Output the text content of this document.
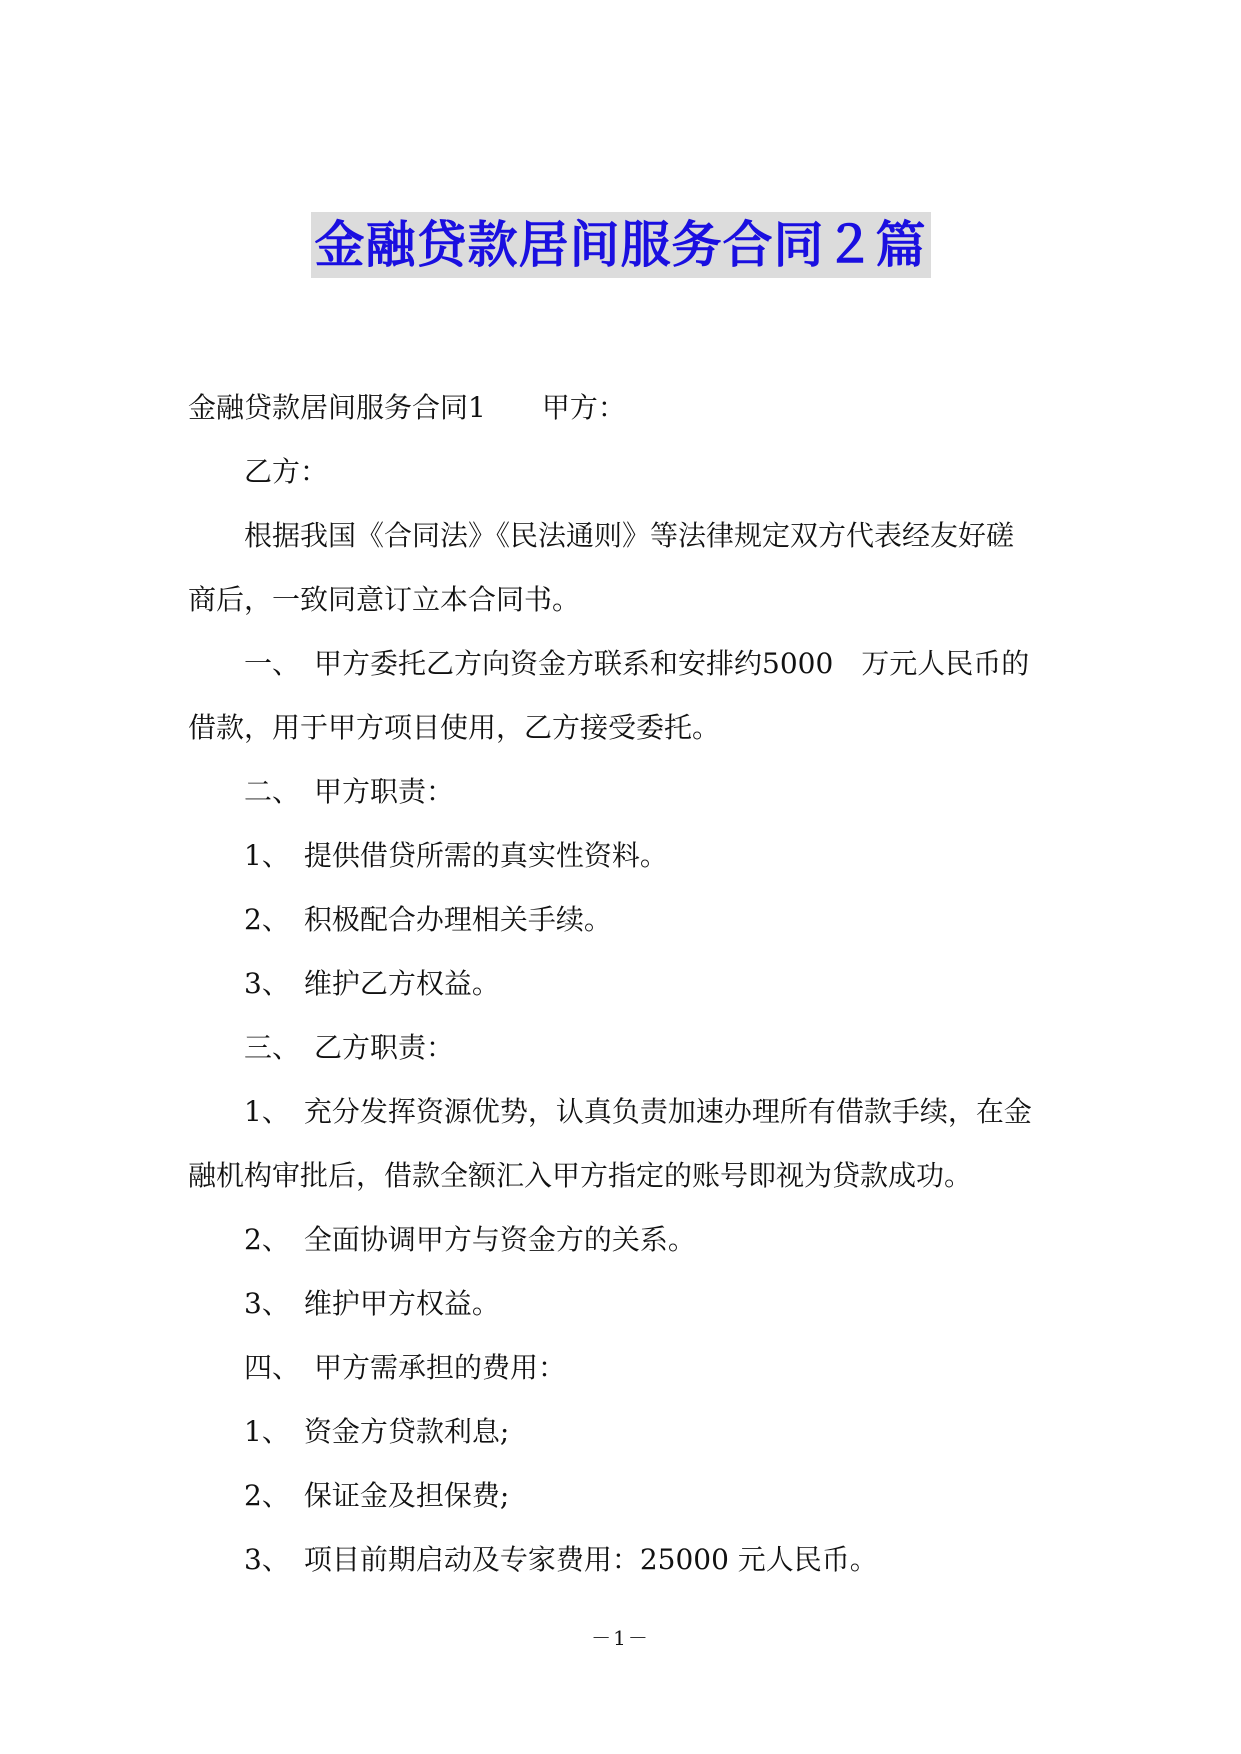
金融贷款居间服务合同２篇
金融贷款居间服务合同1　　甲方：
乙方：
根据我国《合同法》《民法通则》等法律规定双方代表经友好磋
商后，一致同意订立本合同书。
一、　甲方委托乙方向资金方联系和安排约5000　万元人民币的
借款，用于甲方项目使用，乙方接受委托。
二、　甲方职责：
1、　提供借贷所需的真实性资料。
2、　积极配合办理相关手续。
3、　维护乙方权益。
三、　乙方职责：
1、　充分发挥资源优势，认真负责加速办理所有借款手续，在金
融机构审批后，借款全额汇入甲方指定的账号即视为贷款成功。
2、　全面协调甲方与资金方的关系。
3、　维护甲方权益。
四、　甲方需承担的费用：
1、　资金方贷款利息;
2、　保证金及担保费;
3、　项目前期启动及专家费用：25000 元人民币。
－1－
